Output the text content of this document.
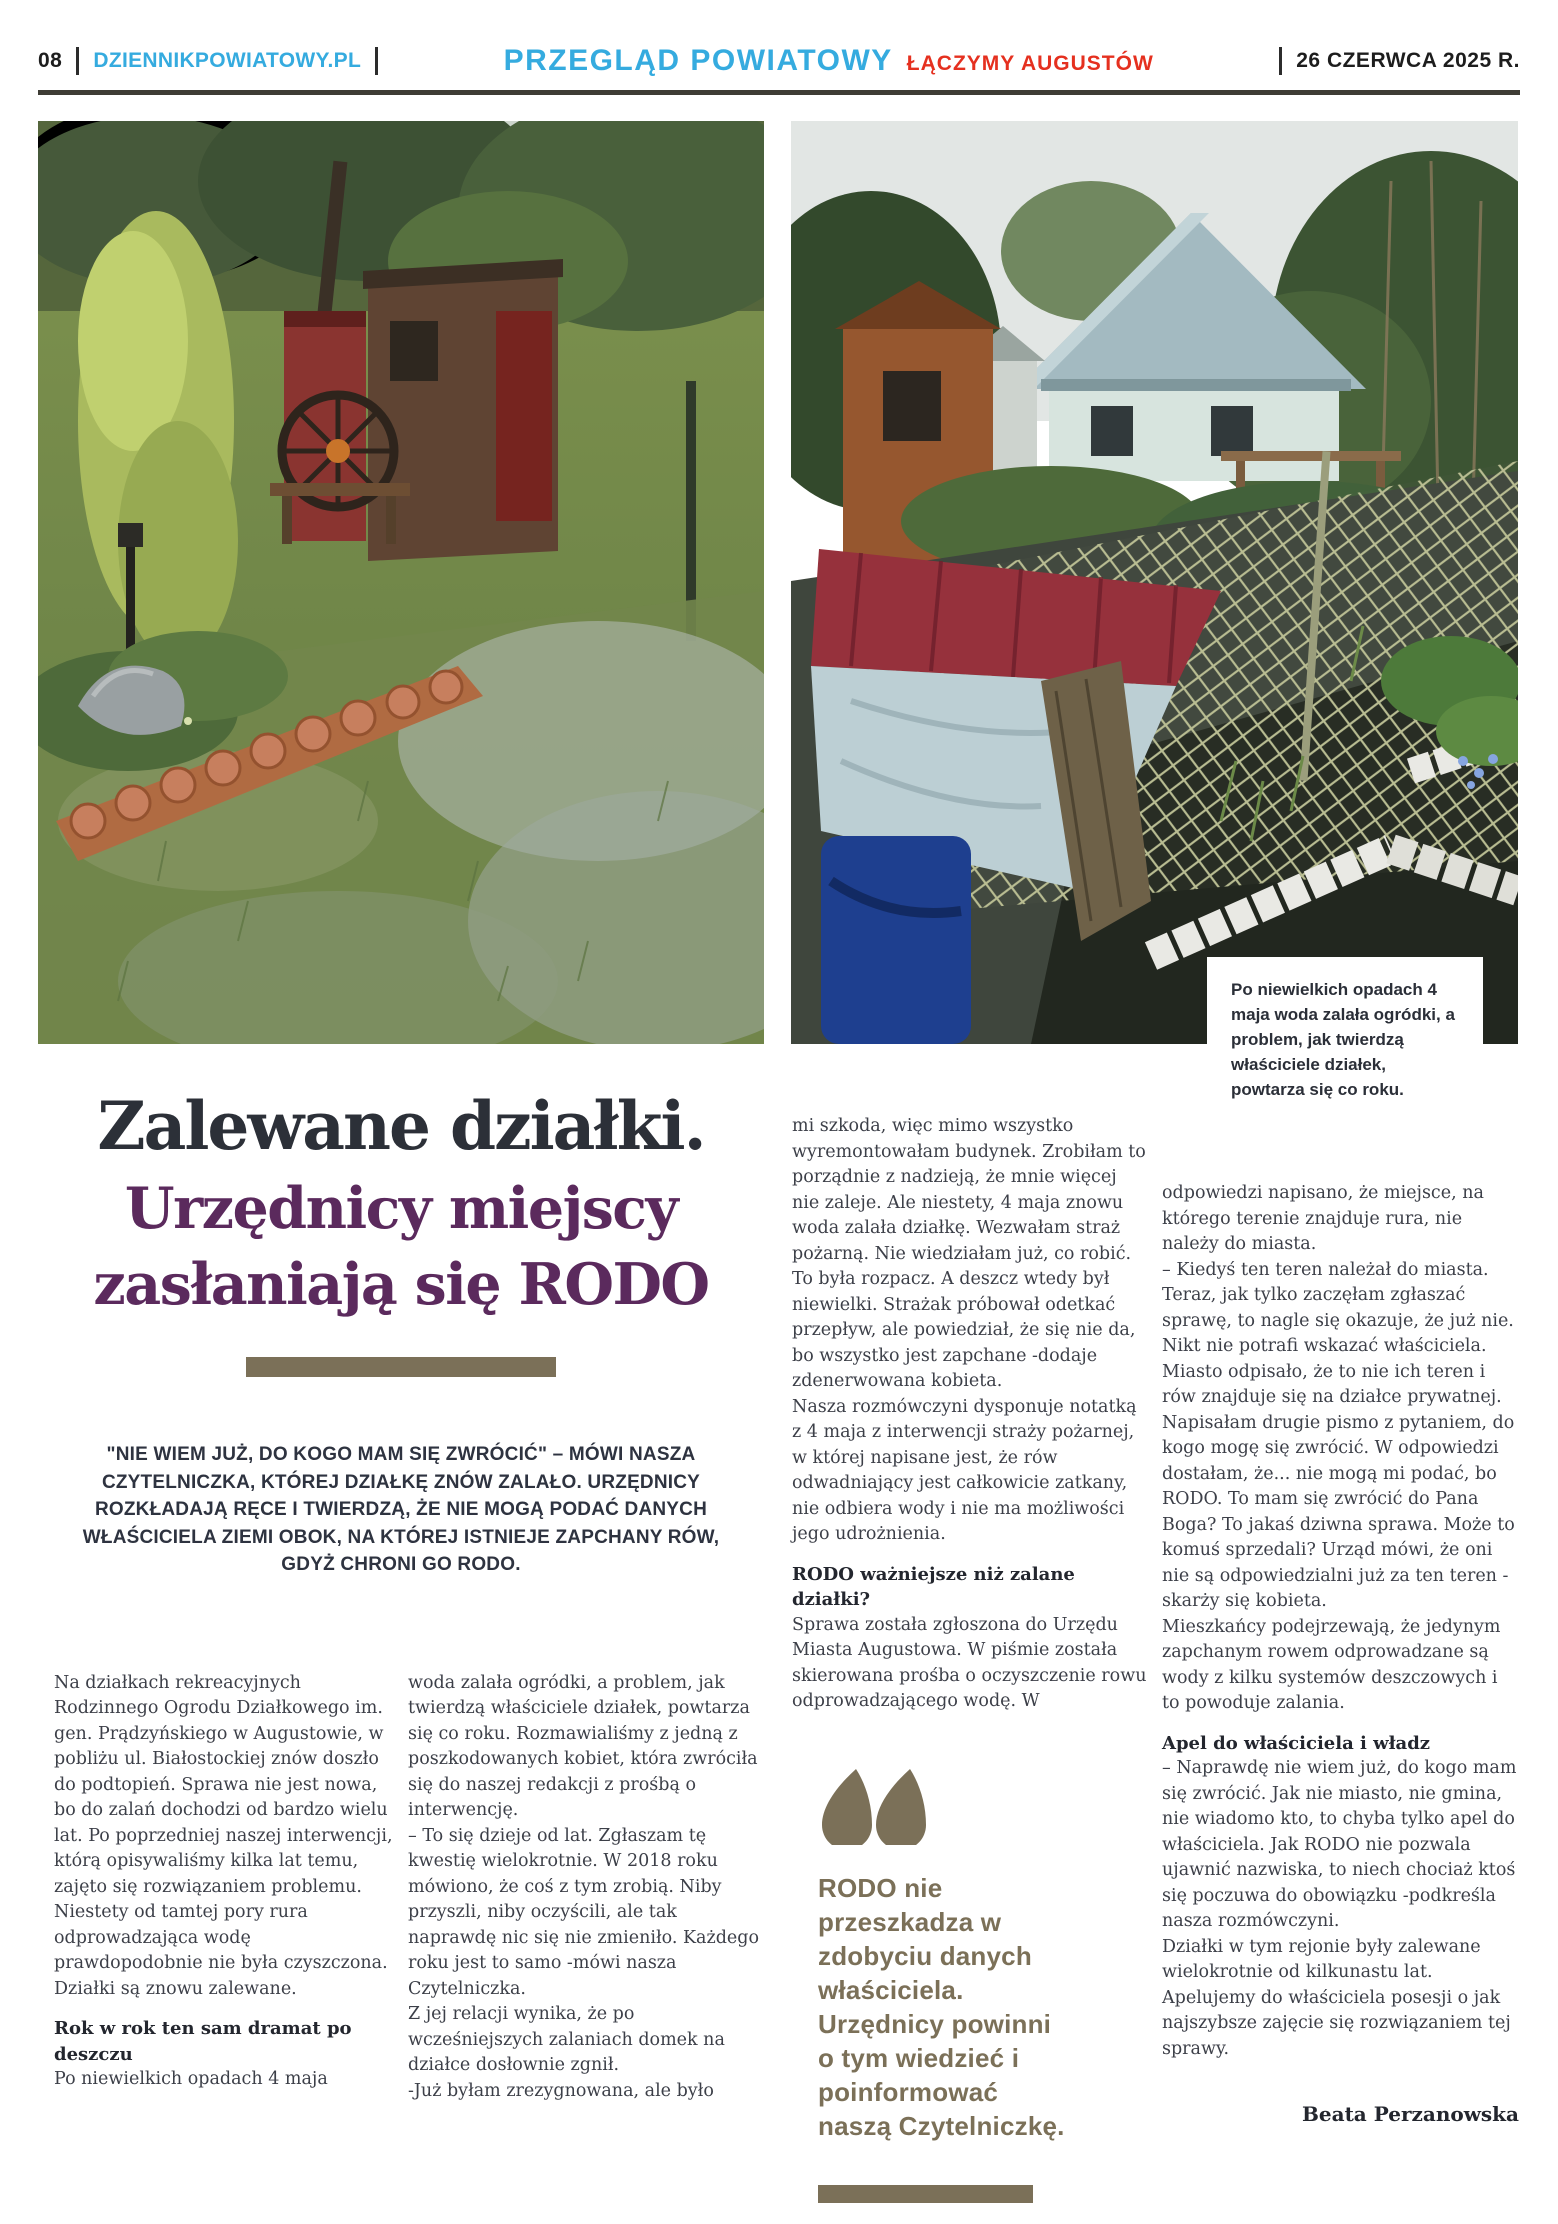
08 DZIENNIKPOWIATOWY.PL	PRZEGLĄD POWIATOWY ŁĄCZYMY AUGUSTÓW	26 CZERWCA 2025 R.
Po niewielkich opadach 4 maja woda zalała ogródki, a problem, jak twierdzą właściciele działek, powtarza się co roku.
Zalewane działki.
Urzędnicy miejscy
zasłaniają się RODO
"NIE WIEM JUŻ, DO KOGO MAM SIĘ ZWRÓCIĆ" – MÓWI NASZA CZYTELNICZKA, KTÓREJ DZIAŁKĘ ZNÓW ZALAŁO. URZĘDNICY ROZKŁADAJĄ RĘCE I TWIERDZĄ, ŻE NIE MOGĄ PODAĆ DANYCH WŁAŚCICIELA ZIEMI OBOK, NA KTÓREJ ISTNIEJE ZAPCHANY RÓW, GDYŻ CHRONI GO RODO.

Na działkach rekreacyjnych Rodzinnego Ogrodu Działkowego im. gen. Prądzyńskiego w Augustowie, w pobliżu ul. Białostockiej znów doszło do podtopień. Sprawa nie jest nowa, bo do zalań dochodzi od bardzo wielu lat. Po poprzedniej naszej interwencji, którą opisywaliśmy kilka lat temu, zajęto się rozwiązaniem problemu. Niestety od tamtej pory rura odprowadzająca wodę prawdopodobnie nie była czyszczona. Działki są znowu zalewane.

Rok w rok ten sam dramat po deszczu

Po niewielkich opadach 4 maja

woda zalała ogródki, a problem, jak twierdzą właściciele działek, powtarza się co roku. Rozmawialiśmy z jedną z poszkodowanych kobiet, która zwróciła się do naszej redakcji z prośbą o interwencję.

– To się dzieje od lat. Zgłaszam tę kwestię wielokrotnie. W 2018 roku mówiono, że coś z tym zrobią. Niby przyszli, niby oczyścili, ale tak naprawdę nic się nie zmieniło. Każdego roku jest to samo -mówi nasza Czytelniczka.

Z jej relacji wynika, że po wcześniejszych zalaniach domek na działce dosłownie zgnił.

-Już byłam zrezygnowana, ale było

mi szkoda, więc mimo wszystko wyremontowałam budynek. Zrobiłam to porządnie z nadzieją, że mnie więcej nie zaleje. Ale niestety, 4 maja znowu woda zalała działkę. Wezwałam straż pożarną. Nie wiedziałam już, co robić. To była rozpacz. A deszcz wtedy był niewielki. Strażak próbował odetkać przepływ, ale powiedział, że się nie da, bo wszystko jest zapchane -dodaje zdenerwowana kobieta.

Nasza rozmówczyni dysponuje notatką z 4 maja z interwencji straży pożarnej, w której napisane jest, że rów odwadniający jest całkowicie zatkany, nie odbiera wody i nie ma możliwości jego udrożnienia.

RODO ważniejsze niż zalane działki?

Sprawa została zgłoszona do Urzędu Miasta Augustowa. W piśmie została skierowana prośba o oczyszczenie rowu odprowadzającego wodę. W

RODO nie przeszkadza w zdobyciu danych właściciela. Urzędnicy powinni o tym wiedzieć i poinformować naszą Czytelniczkę.

odpowiedzi napisano, że miejsce, na którego terenie znajduje rura, nie należy do miasta.

– Kiedyś ten teren należał do miasta. Teraz, jak tylko zaczęłam zgłaszać sprawę, to nagle się okazuje, że już nie. Nikt nie potrafi wskazać właściciela. Miasto odpisało, że to nie ich teren i rów znajduje się na działce prywatnej. Napisałam drugie pismo z pytaniem, do kogo mogę się zwrócić. W odpowiedzi dostałam, że... nie mogą mi podać, bo RODO. To mam się zwrócić do Pana Boga? To jakaś dziwna sprawa. Może to komuś sprzedali? Urząd mówi, że oni nie są odpowiedzialni już za ten teren -skarży się kobieta.

Mieszkańcy podejrzewają, że jedynym zapchanym rowem odprowadzane są wody z kilku systemów deszczowych i to powoduje zalania.

Apel do właściciela i władz

– Naprawdę nie wiem już, do kogo mam się zwrócić. Jak nie miasto, nie gmina, nie wiadomo kto, to chyba tylko apel do właściciela. Jak RODO nie pozwala ujawnić nazwiska, to niech chociaż ktoś się poczuwa do obowiązku -podkreśla nasza rozmówczyni.

Działki w tym rejonie były zalewane wielokrotnie od kilkunastu lat. Apelujemy do właściciela posesji o jak najszybsze zajęcie się rozwiązaniem tej sprawy.

Beata Perzanowska
